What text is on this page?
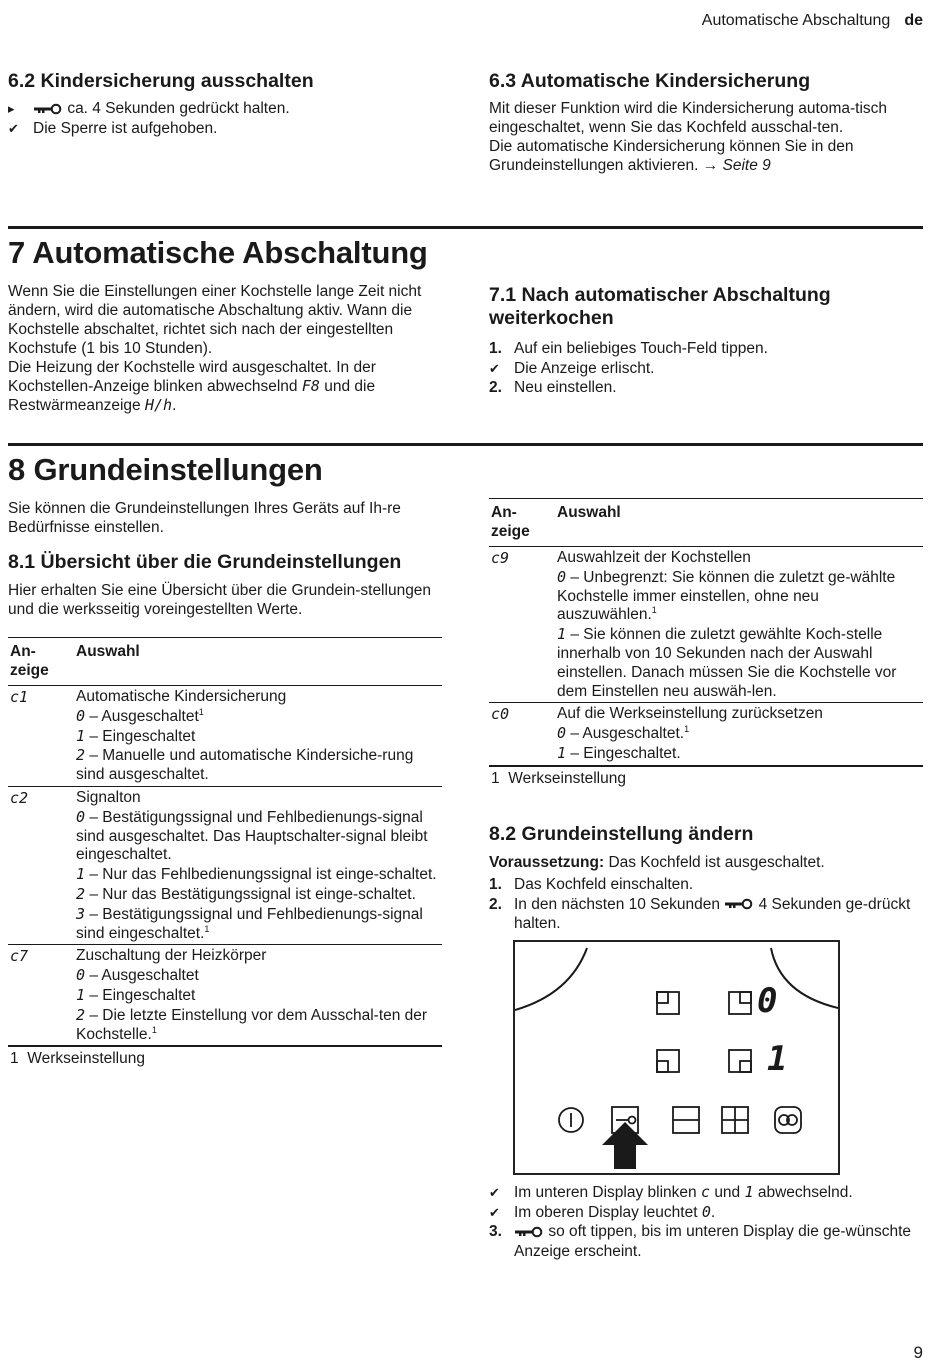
Automatische Abschaltung de
6.2 Kindersicherung ausschalten
▸	ca. 4 Sekunden gedrückt halten.
✔ Die Sperre ist aufgehoben.
6.3 Automatische Kindersicherung

Mit dieser Funktion wird die Kindersicherung automa-tisch eingeschaltet, wenn Sie das Kochfeld ausschal-ten.

Die automatische Kindersicherung können Sie in den Grundeinstellungen aktivieren. → Seite 9

7 Automatische Abschaltung

Wenn Sie die Einstellungen einer Kochstelle lange Zeit nicht ändern, wird die automatische Abschaltung aktiv. Wann die Kochstelle abschaltet, richtet sich nach der eingestellten Kochstufe (1 bis 10 Stunden).

Die Heizung der Kochstelle wird ausgeschaltet. In der Kochstellen-Anzeige blinken abwechselnd F8 und die Restwärmeanzeige H/h.

7.1 Nach automatischer Abschaltung weiterkochen
1. Auf ein beliebiges Touch-Feld tippen.
✔ Die Anzeige erlischt.
2. Neu einstellen.
8 Grundeinstellungen

Sie können die Grundeinstellungen Ihres Geräts auf Ih-re Bedürfnisse einstellen.

8.1 Übersicht über die Grundeinstellungen

Hier erhalten Sie eine Übersicht über die Grundein-stellungen und die werksseitig voreingestellten Werte.

An-zeige	Auswahl
c1	Automatische Kindersicherung
0 – Ausgeschaltet$^1$
1 – Eingeschaltet
2 – Manuelle und automatische Kindersiche-rung sind ausgeschaltet.

c2	Signalton
0 – Bestätigungssignal und Fehlbedienungs-signal sind ausgeschaltet. Das Hauptschalter-signal bleibt eingeschaltet.
1 – Nur das Fehlbedienungssignal ist einge-schaltet.
2 – Nur das Bestätigungssignal ist einge-schaltet.
3 – Bestätigungssignal und Fehlbedienungs-signal sind eingeschaltet.$^1$

c7	Zuschaltung der Heizkörper
0 – Ausgeschaltet
1 – Eingeschaltet
2 – Die letzte Einstellung vor dem Ausschal-ten der Kochstelle.$^1$
1 Werkseinstellung
An-zeige	Auswahl
c9	Auswahlzeit der Kochstellen
0 – Unbegrenzt: Sie können die zuletzt ge-wählte Kochstelle immer einstellen, ohne neu auszuwählen.$^1$
1 – Sie können die zuletzt gewählte Koch-stelle innerhalb von 10 Sekunden nach der Auswahl einstellen. Danach müssen Sie die Kochstelle vor dem Einstellen neu auswäh-len.

c0	Auf die Werkseinstellung zurücksetzen
0 – Ausgeschaltet.$^1$
1 – Eingeschaltet.
1 Werkseinstellung
8.2 Grundeinstellung ändern

Voraussetzung: Das Kochfeld ist ausgeschaltet.

1. Das Kochfeld einschalten.
2. In den nächsten 10 Sekunden 4 Sekunden ge-drückt halten.
0
1
✔ Im unteren Display blinken c und 1 abwechselnd.
✔ Im oberen Display leuchtet 0.
3.	so oft tippen, bis im unteren Display die ge-wünschte Anzeige erscheint.
9
